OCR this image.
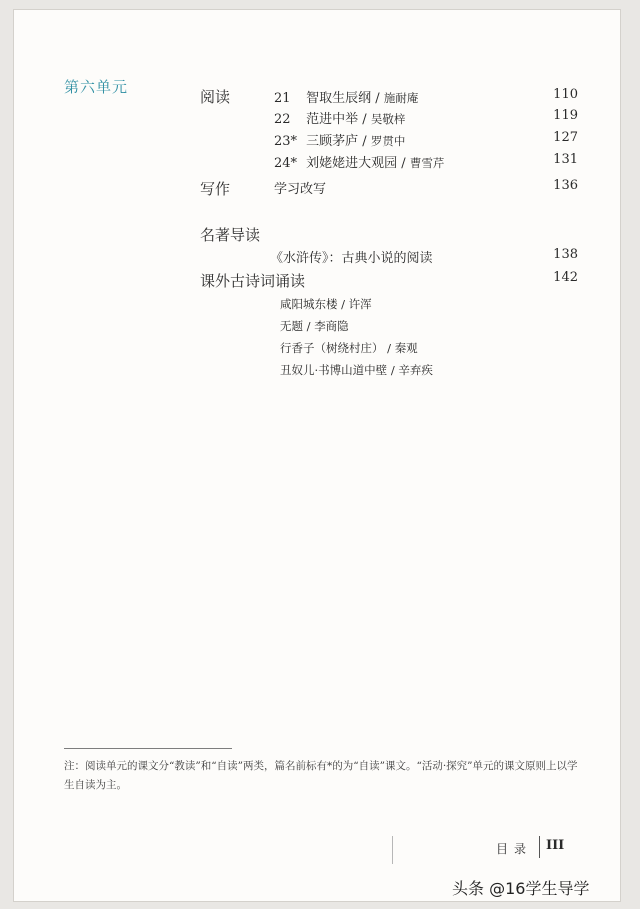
第六单元
阅读	21 智取生辰纲 / 施耐庵	110
22 范进中举 / 吴敬梓	119
23* 三顾茅庐 / 罗贯中	127
24* 刘姥姥进大观园 / 曹雪芹	131
写作	学习改写	136
名著导读
《水浒传》：古典小说的阅读	138
课外古诗词诵读	142
咸阳城东楼 / 许浑
无题 / 李商隐
行香子（树绕村庄） / 秦观
丑奴儿·书博山道中壁 / 辛弃疾
注：阅读单元的课文分“教读”和“自读”两类，篇名前标有*的为“自读”课文。“活动·探究”单元的课文原则上以学生自读为主。
目录 III
头条 @16学生导学
